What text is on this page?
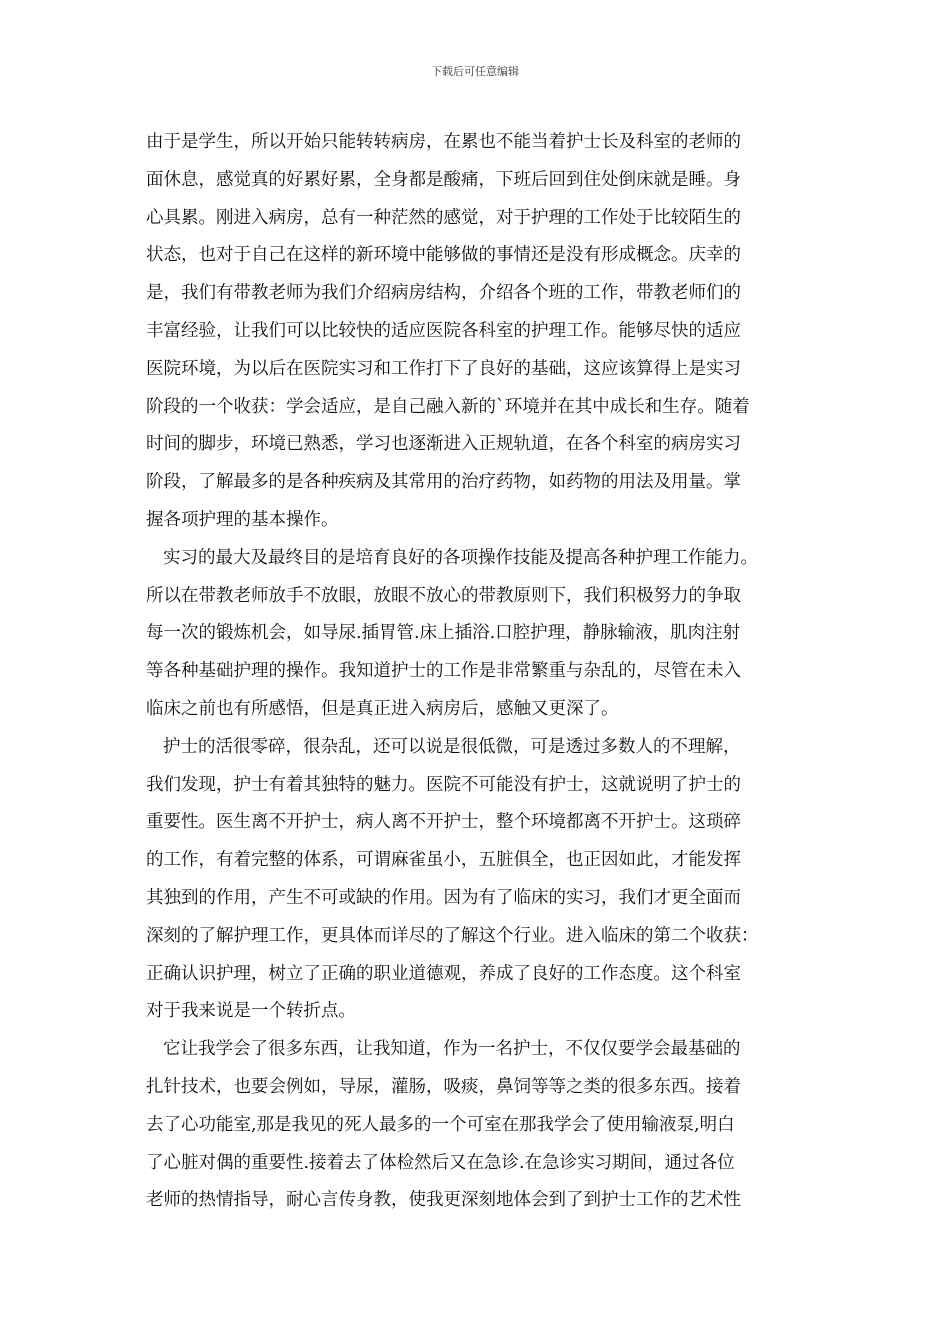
下载后可任意编辑
由于是学生，所以开始只能转转病房，在累也不能当着护士长及科室的老师的
面休息，感觉真的好累好累，全身都是酸痛，下班后回到住处倒床就是睡。身
心具累。刚进入病房，总有一种茫然的感觉，对于护理的工作处于比较陌生的
状态，也对于自己在这样的新环境中能够做的事情还是没有形成概念。庆幸的
是，我们有带教老师为我们介绍病房结构，介绍各个班的工作，带教老师们的
丰富经验，让我们可以比较快的适应医院各科室的护理工作。能够尽快的适应
医院环境，为以后在医院实习和工作打下了良好的基础，这应该算得上是实习
阶段的一个收获：学会适应，是自己融入新的`环境并在其中成长和生存。随着
时间的脚步，环境已熟悉，学习也逐渐进入正规轨道，在各个科室的病房实习
阶段，了解最多的是各种疾病及其常用的治疗药物，如药物的用法及用量。掌
握各项护理的基本操作。
实习的最大及最终目的是培育良好的各项操作技能及提高各种护理工作能力。
所以在带教老师放手不放眼，放眼不放心的带教原则下，我们积极努力的争取
每一次的锻炼机会，如导尿.插胃管.床上插浴.口腔护理，静脉输液，肌肉注射
等各种基础护理的操作。我知道护士的工作是非常繁重与杂乱的，尽管在未入
临床之前也有所感悟，但是真正进入病房后，感触又更深了。
护士的活很零碎，很杂乱，还可以说是很低微，可是透过多数人的不理解，
我们发现，护士有着其独特的魅力。医院不可能没有护士，这就说明了护士的
重要性。医生离不开护士，病人离不开护士，整个环境都离不开护士。这琐碎
的工作，有着完整的体系，可谓麻雀虽小，五脏俱全，也正因如此，才能发挥
其独到的作用，产生不可或缺的作用。因为有了临床的实习，我们才更全面而
深刻的了解护理工作，更具体而详尽的了解这个行业。进入临床的第二个收获：
正确认识护理，树立了正确的职业道德观，养成了良好的工作态度。这个科室
对于我来说是一个转折点。
它让我学会了很多东西，让我知道，作为一名护士，不仅仅要学会最基础的
扎针技术，也要会例如，导尿，灌肠，吸痰，鼻饲等等之类的很多东西。接着
去了心功能室,那是我见的死人最多的一个可室在那我学会了使用输液泵,明白
了心脏对偶的重要性.接着去了体检然后又在急诊.在急诊实习期间，通过各位
老师的热情指导，耐心言传身教，使我更深刻地体会到了到护士工作的艺术性
